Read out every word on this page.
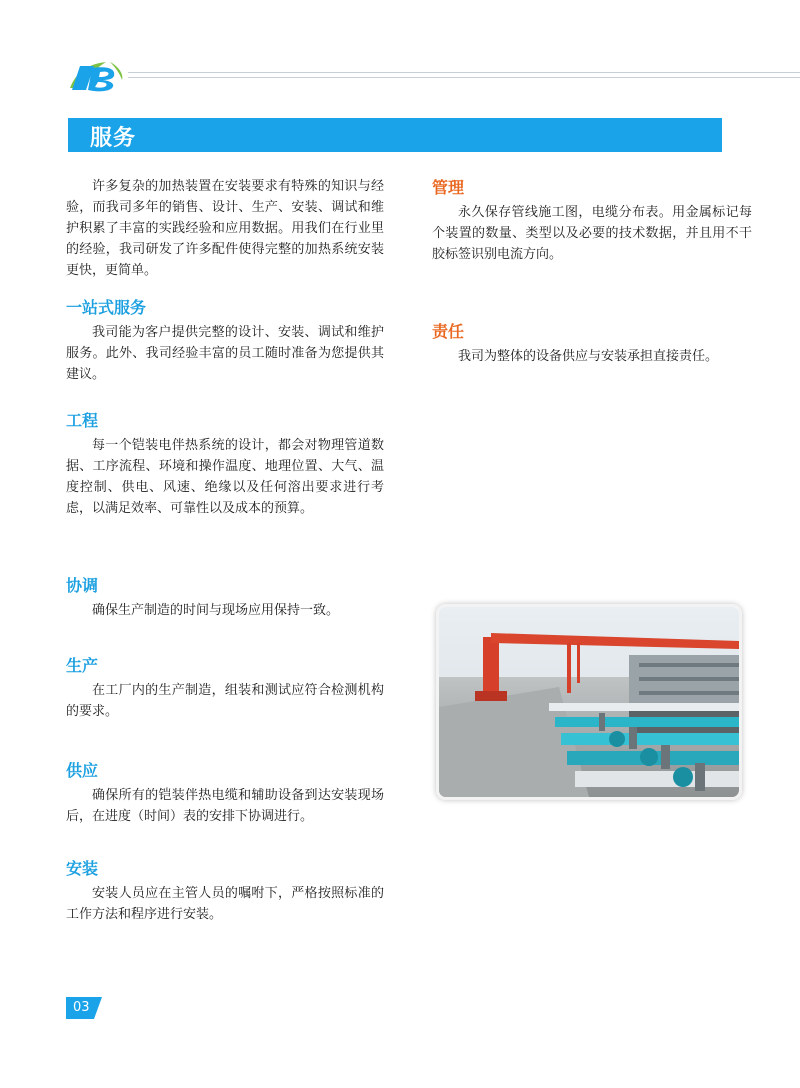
服务

许多复杂的加热装置在安装要求有特殊的知识与经验，而我司多年的销售、设计、生产、安装、调试和维护积累了丰富的实践经验和应用数据。用我们在行业里的经验，我司研发了许多配件使得完整的加热系统安装更快，更简单。

一站式服务

我司能为客户提供完整的设计、安装、调试和维护服务。此外、我司经验丰富的员工随时准备为您提供其建议。

工程

每一个铠装电伴热系统的设计，都会对物理管道数据、工序流程、环境和操作温度、地理位置、大气、温度控制、供电、风速、绝缘以及任何溶出要求进行考虑，以满足效率、可靠性以及成本的预算。

协调

确保生产制造的时间与现场应用保持一致。

生产

在工厂内的生产制造，组装和测试应符合检测机构的要求。

供应

确保所有的铠装伴热电缆和辅助设备到达安装现场后，在进度（时间）表的安排下协调进行。

安装

安装人员应在主管人员的嘱咐下，严格按照标准的工作方法和程序进行安装。

管理

永久保存管线施工图，电缆分布表。用金属标记每个装置的数量、类型以及必要的技术数据，并且用不干胶标签识别电流方向。

责任

我司为整体的设备供应与安装承担直接责任。

03
